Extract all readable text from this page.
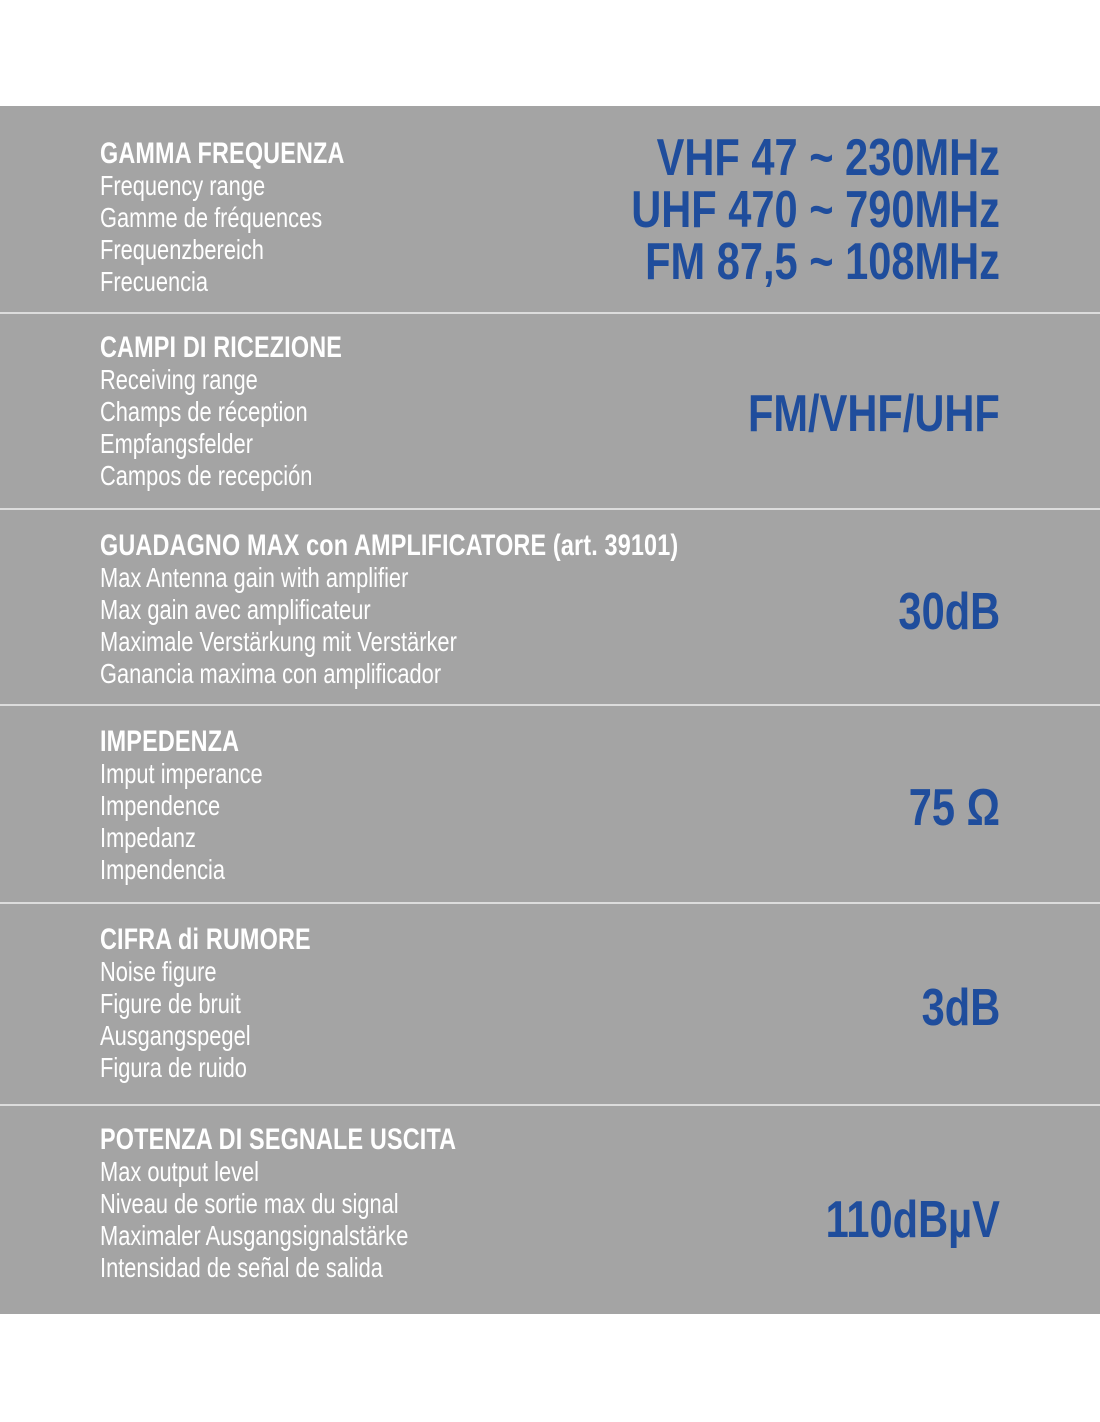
GAMMA FREQUENZA
Frequency range
Gamme de fréquences
Frequenzbereich
Frecuencia
VHF 47 ~ 230MHz
UHF 470 ~ 790MHz
FM 87,5 ~ 108MHz
CAMPI DI RICEZIONE
Receiving range
Champs de réception
Empfangsfelder
Campos de recepción
FM/VHF/UHF
GUADAGNO MAX con AMPLIFICATORE (art. 39101)
Max Antenna gain with amplifier
Max gain avec amplificateur
Maximale Verstärkung mit Verstärker
Ganancia maxima con amplificador
30dB
IMPEDENZA
Imput imperance
Impendence
Impedanz
Impendencia
75 Ω
CIFRA di RUMORE
Noise figure
Figure de bruit
Ausgangspegel
Figura de ruido
3dB
POTENZA DI SEGNALE USCITA
Max output level
Niveau de sortie max du signal
Maximaler Ausgangsignalstärke
Intensidad de señal de salida
110dBµV
